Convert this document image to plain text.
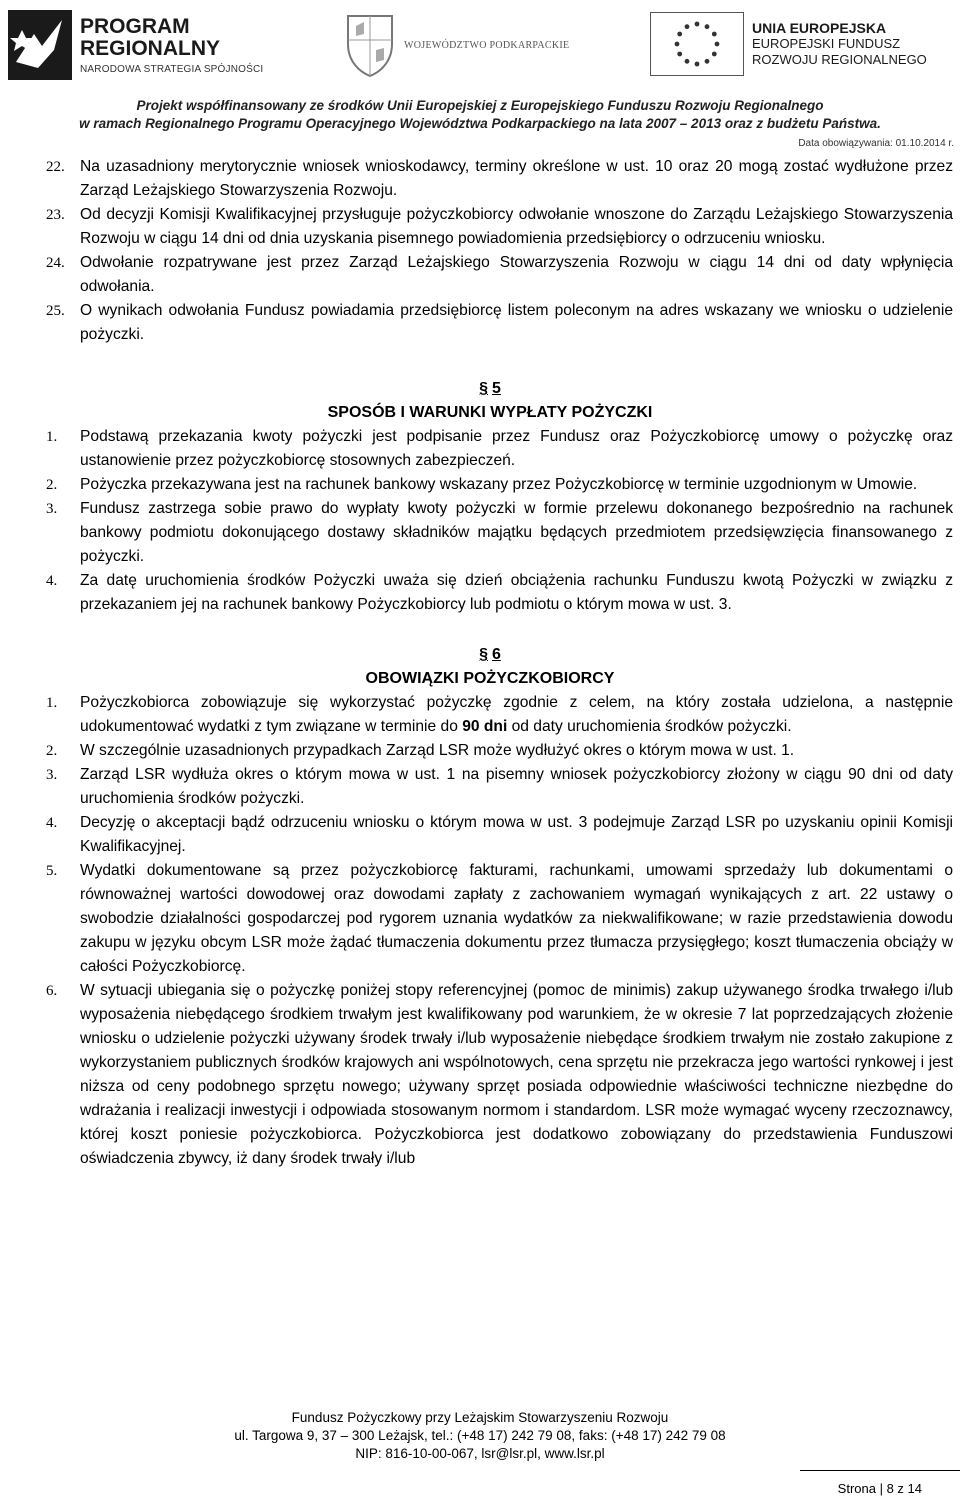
PROGRAM
REGIONALNY
NARODOWA STRATEGIA SPÓJNOŚCI
WOJEWÓDZTWO PODKARPACKIE
UNIA EUROPEJSKA
EUROPEJSKI FUNDUSZ
ROZWOJU REGIONALNEGO
Projekt współfinansowany ze środków Unii Europejskiej z Europejskiego Funduszu Rozwoju Regionalnego
w ramach Regionalnego Programu Operacyjnego Województwa Podkarpackiego na lata 2007 – 2013 oraz z budżetu Państwa.
Data obowiązywania: 01.10.2014 r.
22. Na uzasadniony merytorycznie wniosek wnioskodawcy, terminy określone w ust. 10 oraz 20 mogą zostać wydłużone przez Zarząd Leżajskiego Stowarzyszenia Rozwoju.
23. Od decyzji Komisji Kwalifikacyjnej przysługuje pożyczkobiorcy odwołanie wnoszone do Zarządu Leżajskiego Stowarzyszenia Rozwoju w ciągu 14 dni od dnia uzyskania pisemnego powiadomienia przedsiębiorcy o odrzuceniu wniosku.
24. Odwołanie rozpatrywane jest przez Zarząd Leżajskiego Stowarzyszenia Rozwoju w ciągu 14 dni od daty wpłynięcia odwołania.
25. O wynikach odwołania Fundusz powiadamia przedsiębiorcę listem poleconym na adres wskazany we wniosku o udzielenie pożyczki.
§ 5
SPOSÓB I WARUNKI WYPŁATY POŻYCZKI
1.	Podstawą przekazania kwoty pożyczki jest podpisanie przez Fundusz oraz Pożyczkobiorcę umowy o pożyczkę oraz ustanowienie przez pożyczkobiorcę stosownych zabezpieczeń.
2.	Pożyczka przekazywana jest na rachunek bankowy wskazany przez Pożyczkobiorcę w terminie uzgodnionym w Umowie.
3.	Fundusz zastrzega sobie prawo do wypłaty kwoty pożyczki w formie przelewu dokonanego bezpośrednio na rachunek bankowy podmiotu dokonującego dostawy składników majątku będących przedmiotem przedsięwzięcia finansowanego z pożyczki.
4.	Za datę uruchomienia środków Pożyczki uważa się dzień obciążenia rachunku Funduszu kwotą Pożyczki w związku z przekazaniem jej na rachunek bankowy Pożyczkobiorcy lub podmiotu o którym mowa w ust. 3.
§ 6
OBOWIĄZKI POŻYCZKOBIORCY
1.	Pożyczkobiorca zobowiązuje się wykorzystać pożyczkę zgodnie z celem, na który została udzielona, a następnie udokumentować wydatki z tym związane w terminie do 90 dni od daty uruchomienia środków pożyczki.
2.	W szczególnie uzasadnionych przypadkach Zarząd LSR może wydłużyć okres o którym mowa w ust. 1.
3.	Zarząd LSR wydłuża okres o którym mowa w ust. 1 na pisemny wniosek pożyczkobiorcy złożony w ciągu 90 dni od daty uruchomienia środków pożyczki.
4.	Decyzję o akceptacji bądź odrzuceniu wniosku o którym mowa w ust. 3 podejmuje Zarząd LSR po uzyskaniu opinii Komisji Kwalifikacyjnej.
5.	Wydatki dokumentowane są przez pożyczkobiorcę fakturami, rachunkami, umowami sprzedaży lub dokumentami o równoważnej wartości dowodowej oraz dowodami zapłaty z zachowaniem wymagań wynikających z art. 22 ustawy o swobodzie działalności gospodarczej pod rygorem uznania wydatków za niekwalifikowane; w razie przedstawienia dowodu zakupu w języku obcym LSR może żądać tłumaczenia dokumentu przez tłumacza przysięgłego; koszt tłumaczenia obciąży w całości Pożyczkobiorcę.
6.	W sytuacji ubiegania się o pożyczkę poniżej stopy referencyjnej (pomoc de minimis) zakup używanego środka trwałego i/lub wyposażenia niebędącego środkiem trwałym jest kwalifikowany pod warunkiem, że w okresie 7 lat poprzedzających złożenie wniosku o udzielenie pożyczki używany środek trwały i/lub wyposażenie niebędące środkiem trwałym nie zostało zakupione z wykorzystaniem publicznych środków krajowych ani wspólnotowych, cena sprzętu nie przekracza jego wartości rynkowej i jest niższa od ceny podobnego sprzętu nowego; używany sprzęt posiada odpowiednie właściwości techniczne niezbędne do wdrażania i realizacji inwestycji i odpowiada stosowanym normom i standardom. LSR może wymagać wyceny rzeczoznawcy, której koszt poniesie pożyczkobiorca. Pożyczkobiorca jest dodatkowo zobowiązany do przedstawienia Funduszowi oświadczenia zbywcy, iż dany środek trwały i/lub
Fundusz Pożyczkowy przy Leżajskim Stowarzyszeniu Rozwoju
ul. Targowa 9, 37 – 300 Leżajsk, tel.: (+48 17) 242 79 08, faks: (+48 17) 242 79 08
NIP: 816-10-00-067, lsr@lsr.pl, www.lsr.pl
Strona | 8 z 14
